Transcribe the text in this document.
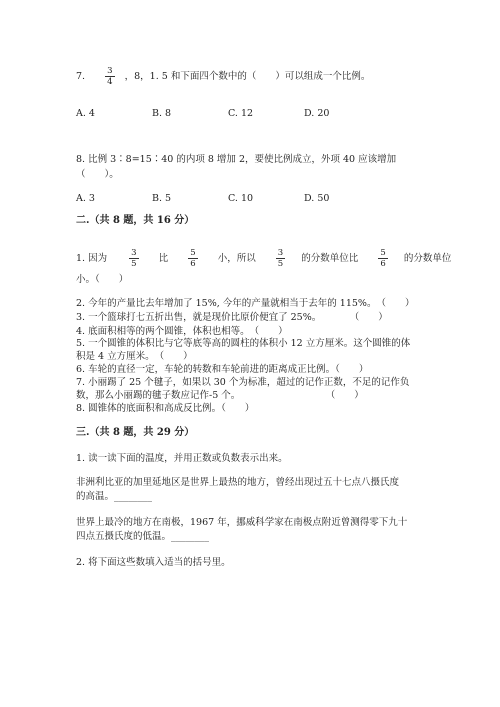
7. $\frac{3}{4}$ ，8，1. 5 和下面四个数中的（　　）可以组成一个比例。
A. 4	B. 8	C. 12	D. 20
8. 比例 3∶8=15∶40 的内项 8 增加 2，要使比例成立，外项 40 应该增加
（　　）。
A. 3	B. 5	C. 10	D. 50
二.（共 8 题，共 16 分）
1. 因为	$\frac{3}{5}$ 比 $\frac{5}{6}$ 小，所以 $\frac{3}{5}$ 的分数单位比 $\frac{5}{6}$ 的分数单位
小。（　　）
2. 今年的产量比去年增加了 15%, 今年的产量就相当于去年的 115%。　（　　）
3. 一个篮球打七五折出售，就是现价比原价便宜了 25%。　　　　（　　）
4. 底面积相等的两个圆锥，体积也相等。　（　　）
5. 一个圆锥的体积比与它等底等高的圆柱的体积小 12 立方厘米。这个圆锥的体
积是 4 立方厘米。　（　　）
6. 车轮的直径一定，车轮的转数和车轮前进的距离成正比例。（　　）
7. 小丽踢了 25 个毽子，如果以 30 个为标准，超过的记作正数，不足的记作负
数，那么小丽踢的毽子数应记作-5 个。　　　　　　　　　　（　　）
8. 圆锥体的底面积和高成反比例。（　　）
三.（共 8 题，共 29 分）
1. 读一读下面的温度，并用正数或负数表示出来。
非洲利比亚的加里延地区是世界上最热的地方，曾经出现过五十七点八摄氏度
的高温。________
世界上最冷的地方在南极，1967 年，挪威科学家在南极点附近曾测得零下九十
四点五摄氏度的低温。________
2. 将下面这些数填入适当的括号里。
